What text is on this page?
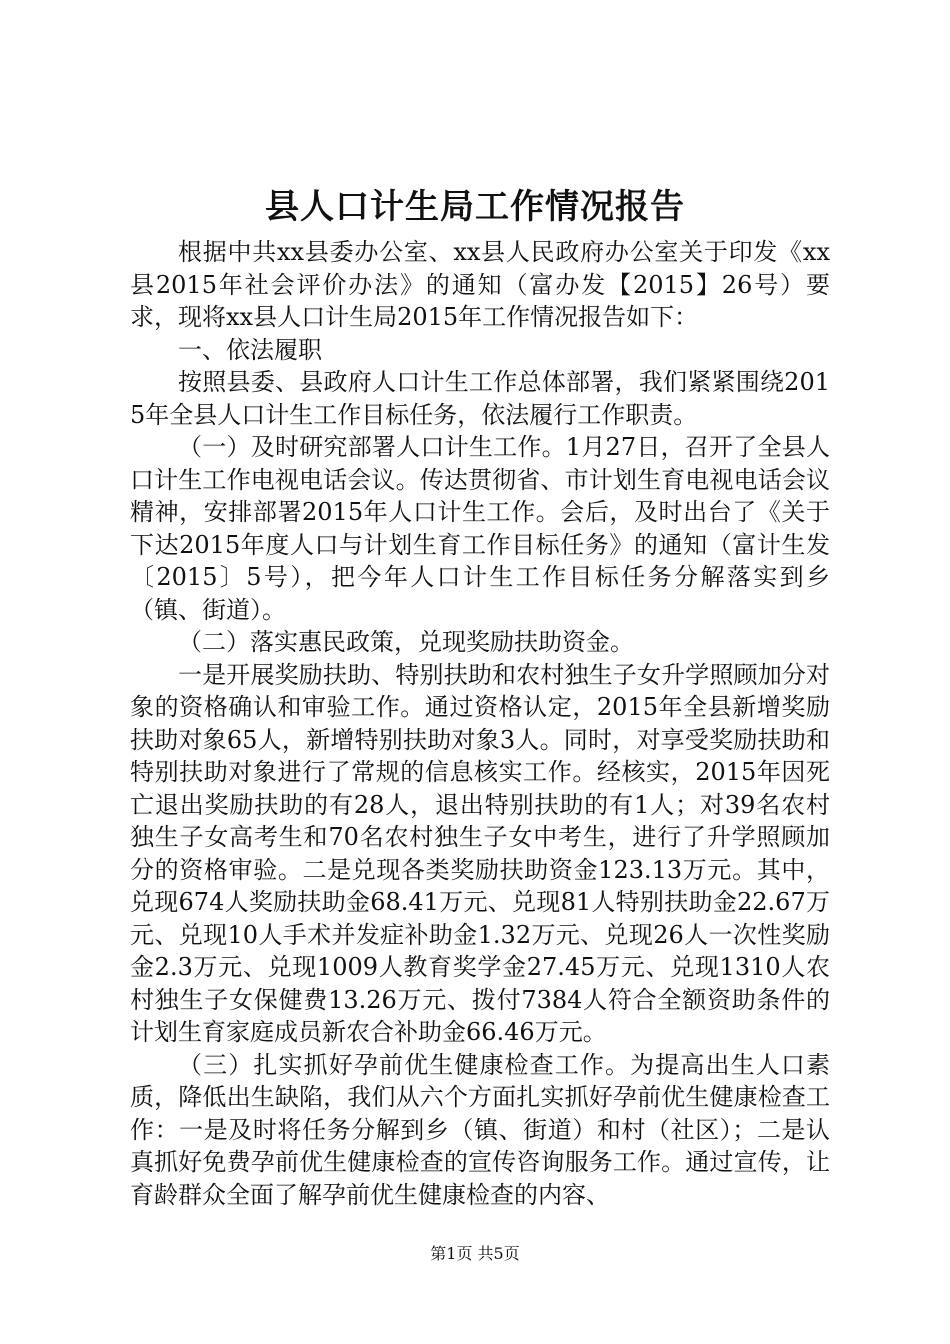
县人口计生局工作情况报告

根据中共xx县委办公室、xx县人民政府办公室关于印发《xx县2015年社会评价办法》的通知（富办发【2015】26号）要求，现将xx县人口计生局2015年工作情况报告如下：

一、依法履职

按照县委、县政府人口计生工作总体部署，我们紧紧围绕2015年全县人口计生工作目标任务，依法履行工作职责。

（一）及时研究部署人口计生工作。1月27日，召开了全县人口计生工作电视电话会议。传达贯彻省、市计划生育电视电话会议精神，安排部署2015年人口计生工作。会后，及时出台了《关于下达2015年度人口与计划生育工作目标任务》的通知（富计生发〔2015〕5号），把今年人口计生工作目标任务分解落实到乡（镇、街道）。

（二）落实惠民政策，兑现奖励扶助资金。

一是开展奖励扶助、特别扶助和农村独生子女升学照顾加分对象的资格确认和审验工作。通过资格认定，2015年全县新增奖励扶助对象65人，新增特别扶助对象3人。同时，对享受奖励扶助和特别扶助对象进行了常规的信息核实工作。经核实，2015年因死亡退出奖励扶助的有28人，退出特别扶助的有1人；对39名农村独生子女高考生和70名农村独生子女中考生，进行了升学照顾加分的资格审验。二是兑现各类奖励扶助资金123.13万元。其中，兑现674人奖励扶助金68.41万元、兑现81人特别扶助金22.67万元、兑现10人手术并发症补助金1.32万元、兑现26人一次性奖励金2.3万元、兑现1009人教育奖学金27.45万元、兑现1310人农村独生子女保健费13.26万元、拨付7384人符合全额资助条件的计划生育家庭成员新农合补助金66.46万元。

（三）扎实抓好孕前优生健康检查工作。为提高出生人口素质，降低出生缺陷，我们从六个方面扎实抓好孕前优生健康检查工作：一是及时将任务分解到乡（镇、街道）和村（社区）；二是认真抓好免费孕前优生健康检查的宣传咨询服务工作。通过宣传，让育龄群众全面了解孕前优生健康检查的内容、

第1页 共5页
